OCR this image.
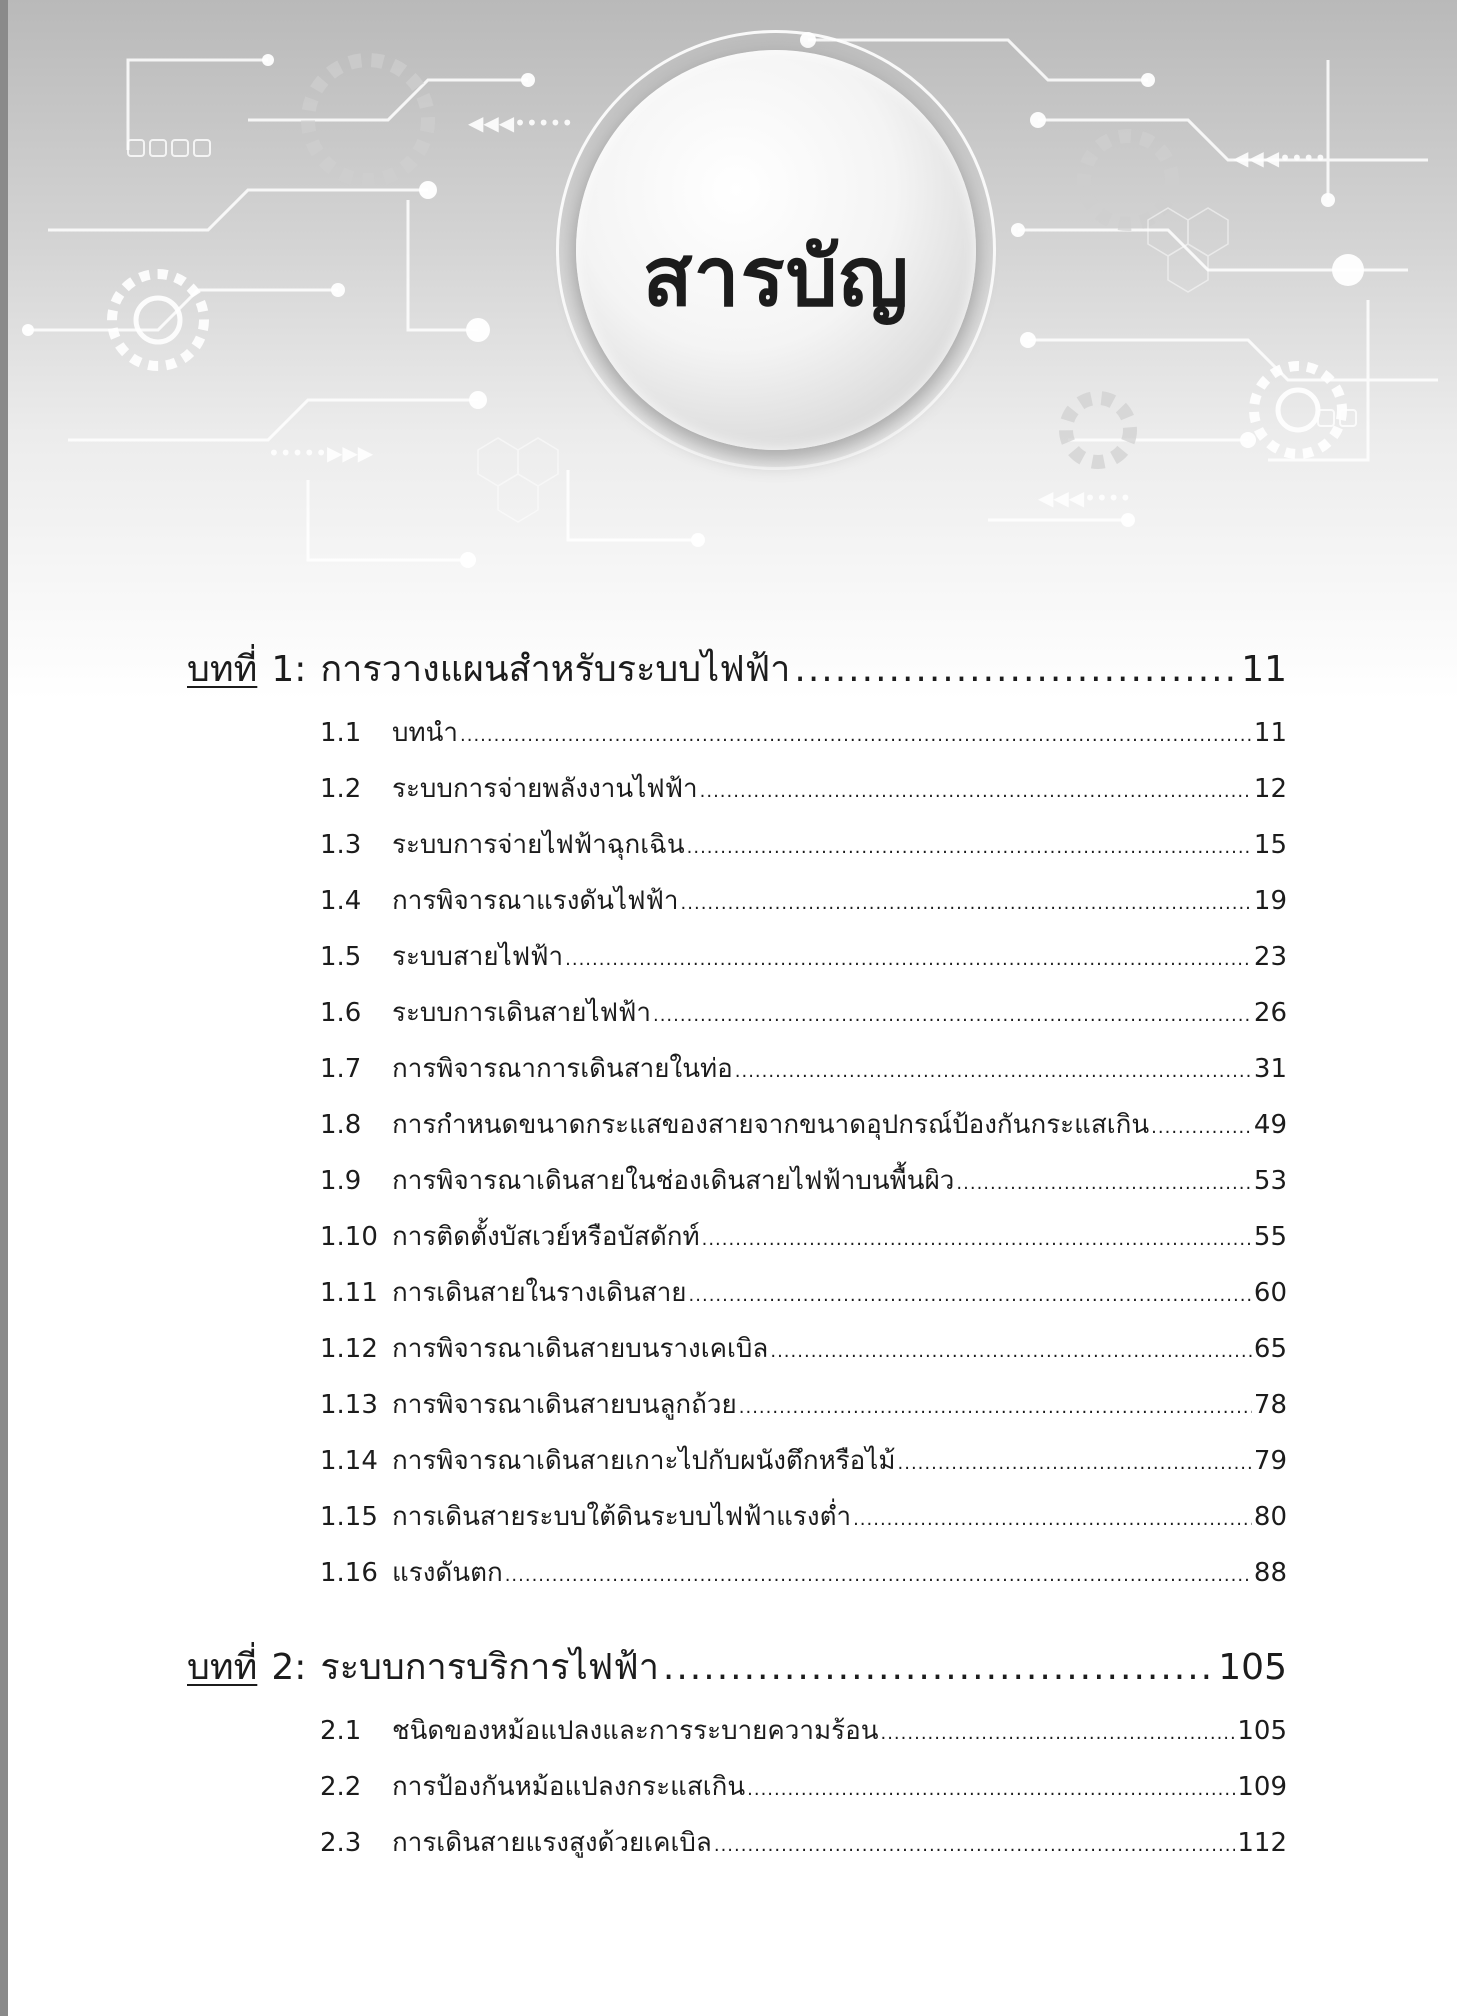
◀◀◀•••••
◀◀◀••••
•••••▶▶▶
◀◀◀••••
สารบัญ
บทที่ 1: การวางแผนสำหรับระบบไฟฟ้า .....	11
1.1	บทนำ .....	11
1.2	ระบบการจ่ายพลังงานไฟฟ้า .....	12
1.3	ระบบการจ่ายไฟฟ้าฉุกเฉิน .....	15
1.4	การพิจารณาแรงดันไฟฟ้า .....	19
1.5	ระบบสายไฟฟ้า .....	23
1.6	ระบบการเดินสายไฟฟ้า .....	26
1.7	การพิจารณาการเดินสายในท่อ .....	31
1.8	การกำหนดขนาดกระแสของสายจากขนาดอุปกรณ์ป้องกันกระแสเกิน .....	49
1.9	การพิจารณาเดินสายในช่องเดินสายไฟฟ้าบนพื้นผิว .....	53
1.10 การติดตั้งบัสเวย์หรือบัสดักท์ .....	55
1.11 การเดินสายในรางเดินสาย .....	60
1.12 การพิจารณาเดินสายบนรางเคเบิล .....	65
1.13 การพิจารณาเดินสายบนลูกถ้วย .....	78
1.14 การพิจารณาเดินสายเกาะไปกับผนังตึกหรือไม้ .....	79
1.15 การเดินสายระบบใต้ดินระบบไฟฟ้าแรงต่ำ .....	80
1.16 แรงดันตก .....	88
บทที่ 2: ระบบการบริการไฟฟ้า .....	105
2.1	ชนิดของหม้อแปลงและการระบายความร้อน .....	105
2.2	การป้องกันหม้อแปลงกระแสเกิน .....	109
2.3	การเดินสายแรงสูงด้วยเคเบิล .....	112
